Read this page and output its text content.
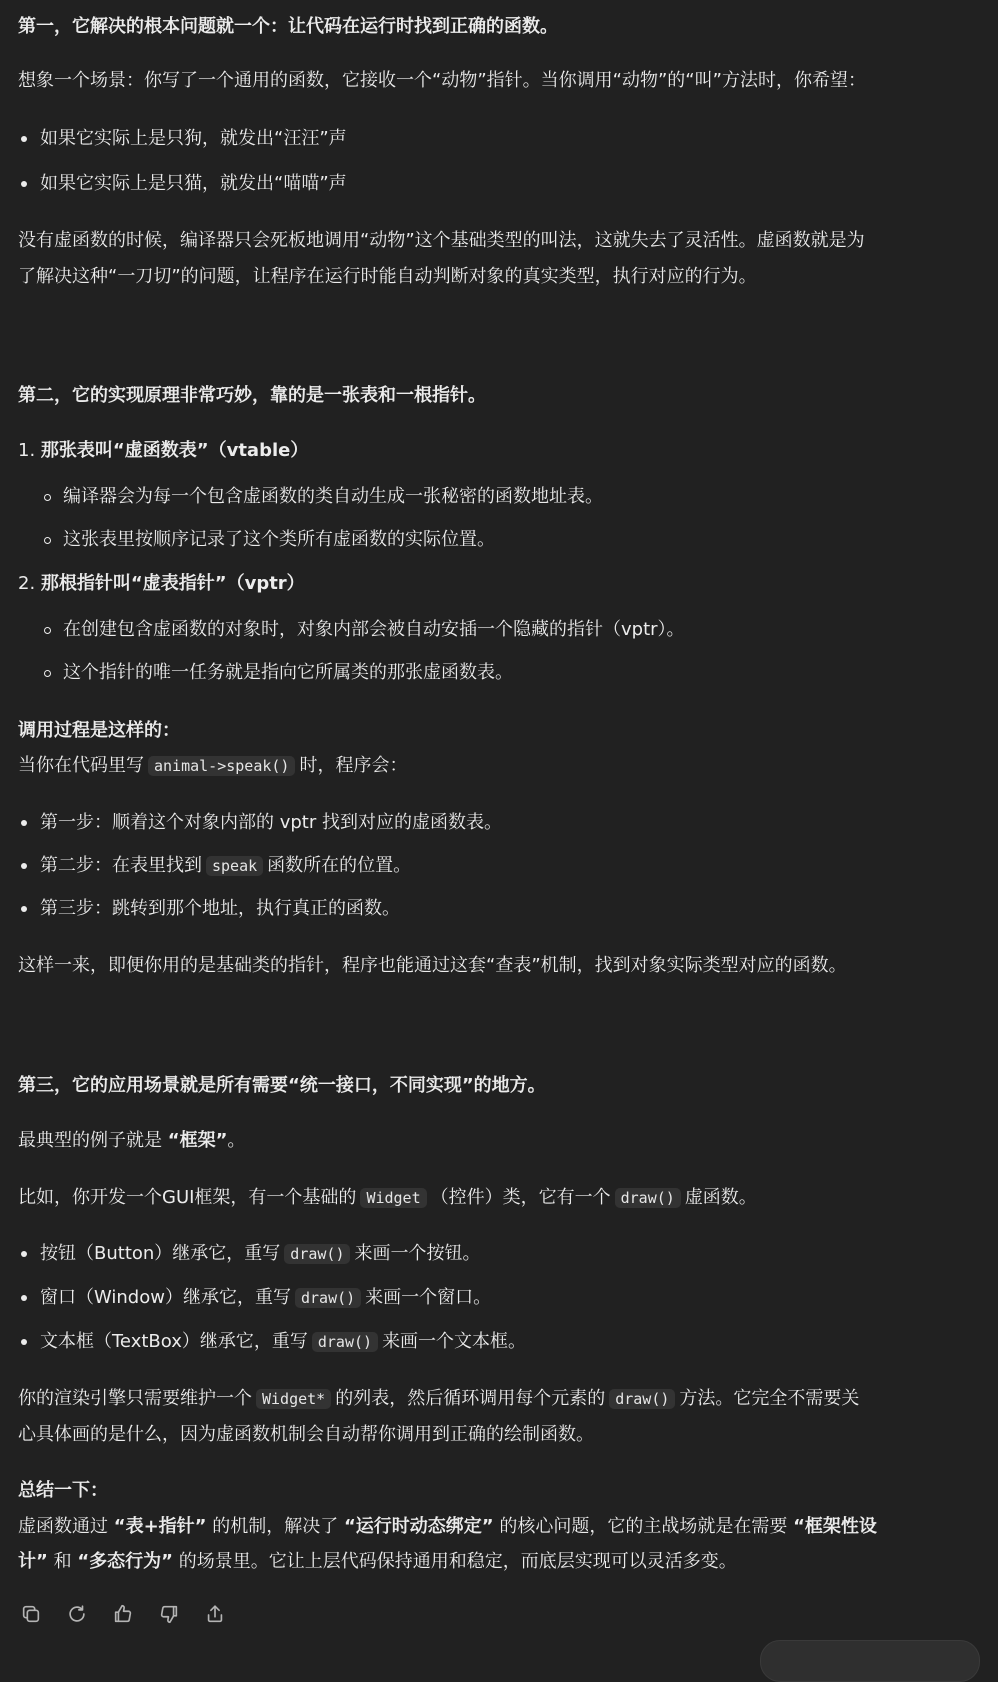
第一，它解决的根本问题就一个：让代码在运行时找到正确的函数。
想象一个场景：你写了一个通用的函数，它接收一个“动物”指针。当你调用“动物”的“叫”方法时，你希望：
如果它实际上是只狗，就发出“汪汪”声
如果它实际上是只猫，就发出“喵喵”声
没有虚函数的时候，编译器只会死板地调用“动物”这个基础类型的叫法，这就失去了灵活性。虚函数就是为
了解决这种“一刀切”的问题，让程序在运行时能自动判断对象的真实类型，执行对应的行为。
第二，它的实现原理非常巧妙，靠的是一张表和一根指针。
1. 那张表叫“虚函数表”（vtable）
编译器会为每一个包含虚函数的类自动生成一张秘密的函数地址表。
这张表里按顺序记录了这个类所有虚函数的实际位置。
2. 那根指针叫“虚表指针”（vptr）
在创建包含虚函数的对象时，对象内部会被自动安插一个隐藏的指针（vptr）。
这个指针的唯一任务就是指向它所属类的那张虚函数表。
调用过程是这样的：
当你在代码里写 animal->speak() 时，程序会：
第一步：顺着这个对象内部的 vptr 找到对应的虚函数表。
第二步：在表里找到 speak 函数所在的位置。
第三步：跳转到那个地址，执行真正的函数。
这样一来，即便你用的是基础类的指针，程序也能通过这套“查表”机制，找到对象实际类型对应的函数。
第三，它的应用场景就是所有需要“统一接口，不同实现”的地方。
最典型的例子就是 “框架”。
比如，你开发一个GUI框架，有一个基础的 Widget （控件）类，它有一个 draw() 虚函数。
按钮（Button）继承它，重写 draw() 来画一个按钮。
窗口（Window）继承它，重写 draw() 来画一个窗口。
文本框（TextBox）继承它，重写 draw() 来画一个文本框。
你的渲染引擎只需要维护一个 Widget* 的列表，然后循环调用每个元素的 draw() 方法。它完全不需要关
心具体画的是什么，因为虚函数机制会自动帮你调用到正确的绘制函数。
总结一下：
虚函数通过 “表+指针” 的机制，解决了 “运行时动态绑定” 的核心问题，它的主战场就是在需要 “框架性设
计” 和 “多态行为” 的场景里。它让上层代码保持通用和稳定，而底层实现可以灵活多变。
